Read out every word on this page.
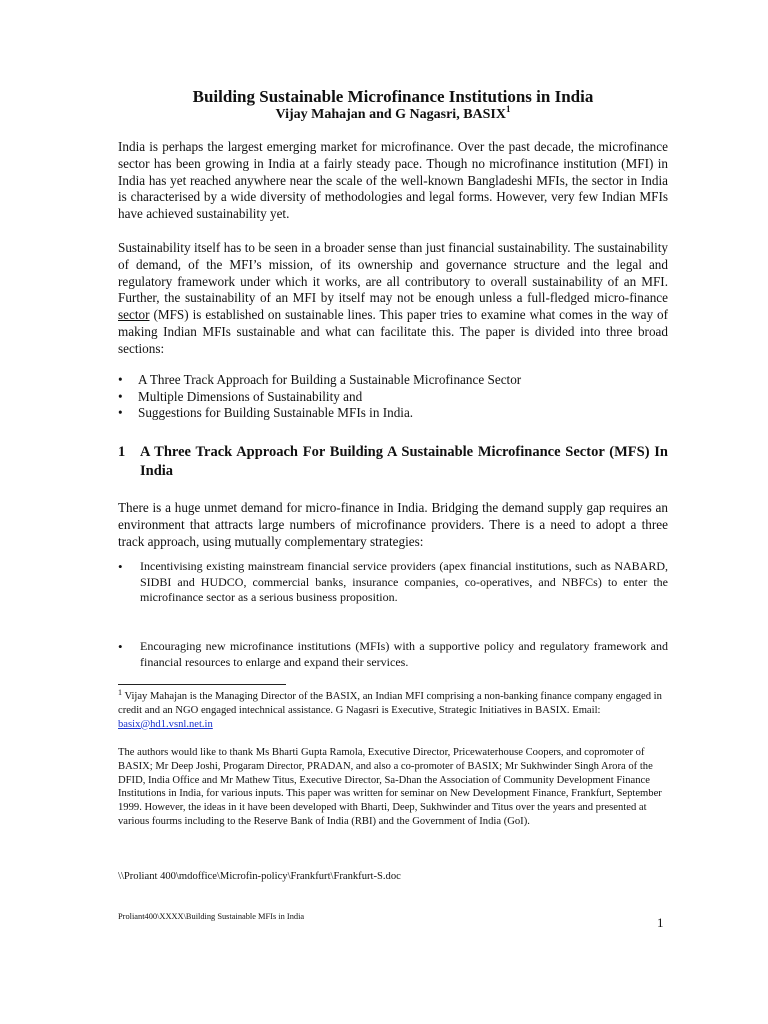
Building Sustainable Microfinance Institutions in India
Vijay Mahajan and G Nagasri, BASIX$^1$

India is perhaps the largest emerging market for microfinance. Over the past decade, the microfinance sector has been growing in India at a fairly steady pace. Though no microfinance institution (MFI) in India has yet reached anywhere near the scale of the well-known Bangladeshi MFIs, the sector in India is characterised by a wide diversity of methodologies and legal forms. However, very few Indian MFIs have achieved sustainability yet.

Sustainability itself has to be seen in a broader sense than just financial sustainability. The sustainability of demand, of the MFI’s mission, of its ownership and governance structure and the legal and regulatory framework under which it works, are all contributory to overall sustainability of an MFI. Further, the sustainability of an MFI by itself may not be enough unless a full-fledged micro-finance sector (MFS) is established on sustainable lines. This paper tries to examine what comes in the way of making Indian MFIs sustainable and what can facilitate this. The paper is divided into three broad sections:

• A Three Track Approach for Building a Sustainable Microfinance Sector
• Multiple Dimensions of Sustainability and
• Suggestions for Building Sustainable MFIs in India.
1 A Three Track Approach For Building A Sustainable Microfinance Sector (MFS) In India

There is a huge unmet demand for micro-finance in India. Bridging the demand supply gap requires an environment that attracts large numbers of microfinance providers. There is a need to adopt a three track approach, using mutually complementary strategies:

• Incentivising existing mainstream financial service providers (apex financial institutions, such as NABARD, SIDBI and HUDCO, commercial banks, insurance companies, co-operatives, and NBFCs) to enter the microfinance sector as a serious business proposition.
• Encouraging new microfinance institutions (MFIs) with a supportive policy and regulatory framework and financial resources to enlarge and expand their services.

$^1$ Vijay Mahajan is the Managing Director of the BASIX, an Indian MFI comprising a non-banking finance company engaged in credit and an NGO engaged intechnical assistance. G Nagasri is Executive, Strategic Initiatives in BASIX. Email: basix@hd1.vsnl.net.in

The authors would like to thank Ms Bharti Gupta Ramola, Executive Director, Pricewaterhouse Coopers, and copromoter of BASIX; Mr Deep Joshi, Progaram Director, PRADAN, and also a co-promoter of BASIX; Mr Sukhwinder Singh Arora of the DFID, India Office and Mr Mathew Titus, Executive Director, Sa-Dhan the Association of Community Development Finance Institutions in India, for various inputs. This paper was written for seminar on New Development Finance, Frankfurt, September 1999. However, the ideas in it have been developed with Bharti, Deep, Sukhwinder and Titus over the years and presented at various fourms including to the Reserve Bank of India (RBI) and the Government of India (GoI).

\\Proliant 400\mdoffice\Microfin-policy\Frankfurt\Frankfurt-S.doc
Proliant400\XXXX\Building Sustainable MFIs in India	1
